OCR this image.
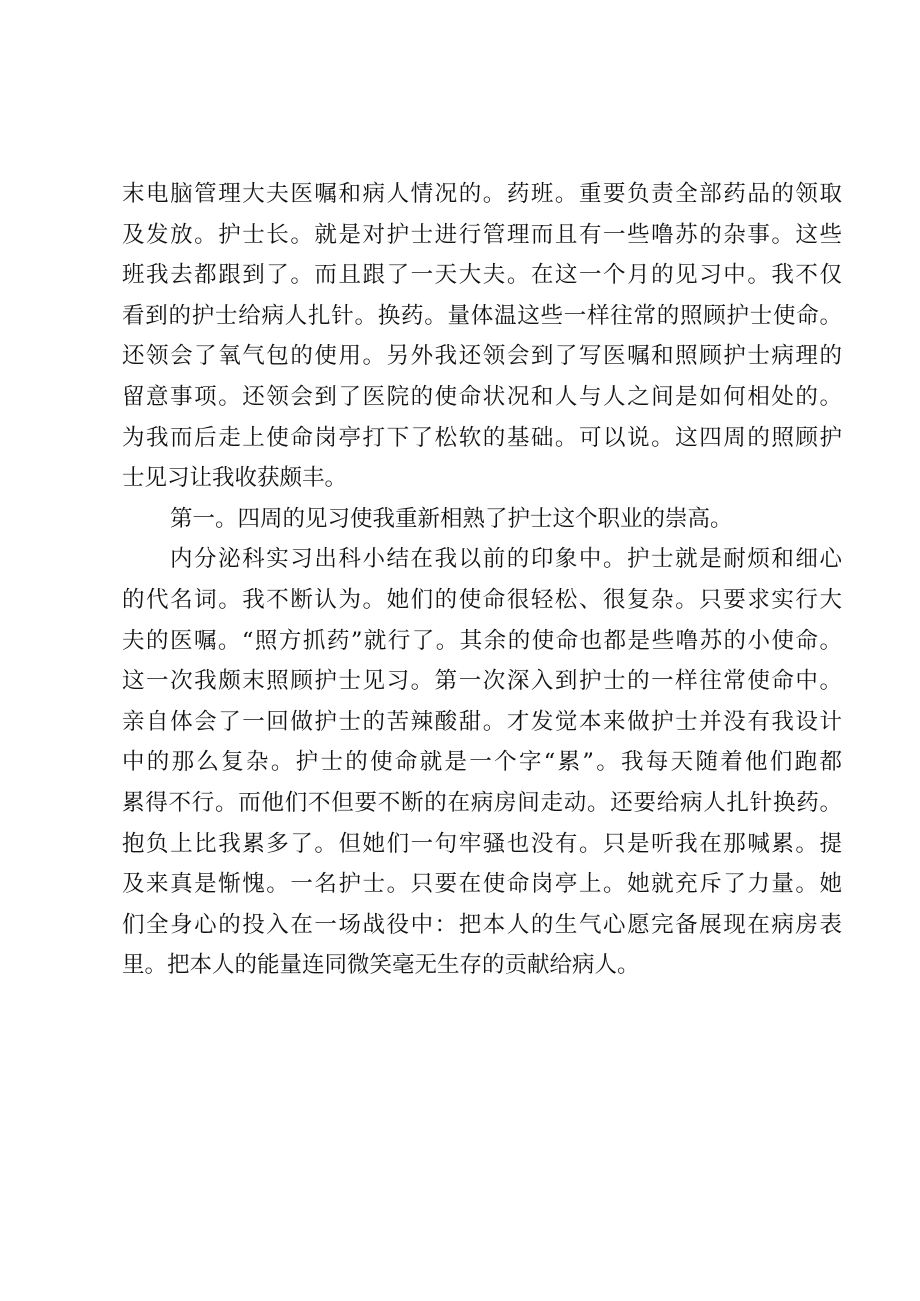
末电脑管理大夫医嘱和病人情况的。药班。重要负责全部药品的领取
及发放。护士长。就是对护士进行管理而且有一些噜苏的杂事。这些
班我去都跟到了。而且跟了一天大夫。在这一个月的见习中。我不仅
看到的护士给病人扎针。换药。量体温这些一样往常的照顾护士使命。
还领会了氧气包的使用。另外我还领会到了写医嘱和照顾护士病理的
留意事项。还领会到了医院的使命状况和人与人之间是如何相处的。
为我而后走上使命岗亭打下了松软的基础。可以说。这四周的照顾护
士见习让我收获颇丰。
第一。四周的见习使我重新相熟了护士这个职业的崇高。
内分泌科实习出科小结在我以前的印象中。护士就是耐烦和细心
的代名词。我不断认为。她们的使命很轻松、很复杂。只要求实行大
夫的医嘱。“照方抓药”就行了。其余的使命也都是些噜苏的小使命。
这一次我颇末照顾护士见习。第一次深入到护士的一样往常使命中。
亲自体会了一回做护士的苦辣酸甜。才发觉本来做护士并没有我设计
中的那么复杂。护士的使命就是一个字“累”。我每天随着他们跑都
累得不行。而他们不但要不断的在病房间走动。还要给病人扎针换药。
抱负上比我累多了。但她们一句牢骚也没有。只是听我在那喊累。提
及来真是惭愧。一名护士。只要在使命岗亭上。她就充斥了力量。她
们全身心的投入在一场战役中：把本人的生气心愿完备展现在病房表
里。把本人的能量连同微笑毫无生存的贡献给病人。
